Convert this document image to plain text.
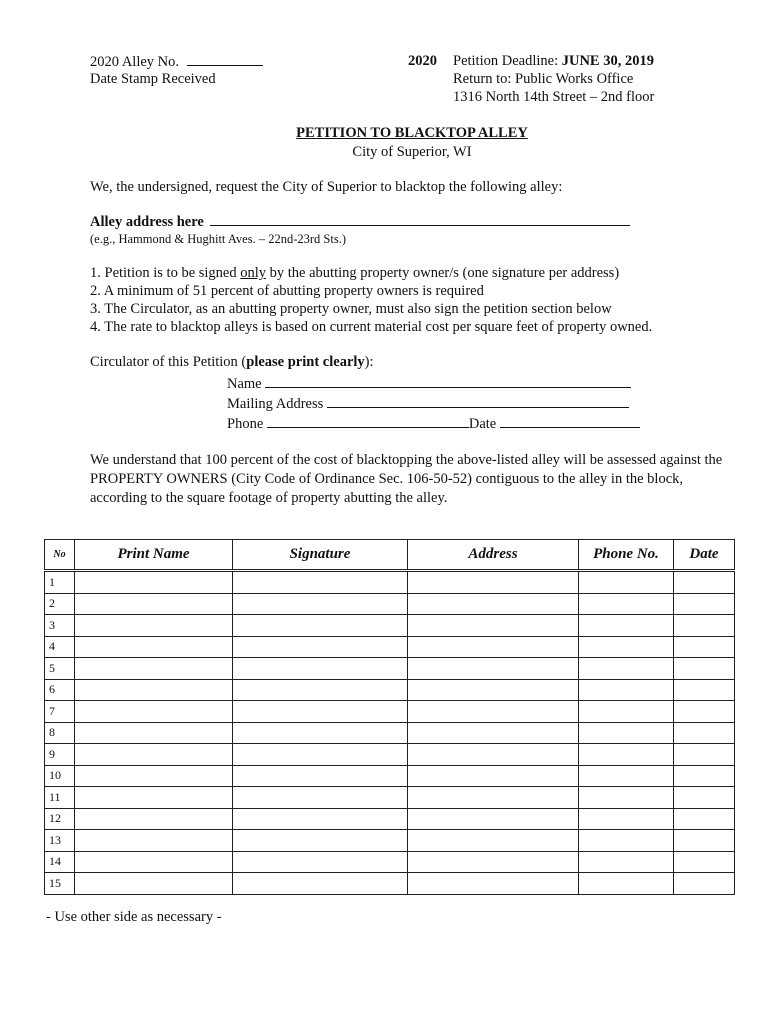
2020 Alley No.
Date Stamp Received
2020 Petition Deadline: JUNE 30, 2019
Return to: Public Works Office
1316 North 14th Street – 2nd floor
PETITION TO BLACKTOP ALLEY
City of Superior, WI
We, the undersigned, request the City of Superior to blacktop the following alley:
Alley address here
(e.g., Hammond & Hughitt Aves. – 22nd-23rd Sts.)
1. Petition is to be signed only by the abutting property owner/s (one signature per address)
2. A minimum of 51 percent of abutting property owners is required
3. The Circulator, as an abutting property owner, must also sign the petition section below
4. The rate to blacktop alleys is based on current material cost per square feet of property owned.
Circulator of this Petition (please print clearly):
Name
Mailing Address
Phone	Date
We understand that 100 percent of the cost of blacktopping the above-listed alley will be assessed against the PROPERTY OWNERS (City Code of Ordinance Sec. 106-50-52) contiguous to the alley in the block, according to the square footage of property abutting the alley.
No	Print Name	Signature	Address	Phone No.	Date
1					
2					
3					
4					
5					
6					
7					
8					
9					
10					
11					
12					
13					
14					
15					
- Use other side as necessary -
